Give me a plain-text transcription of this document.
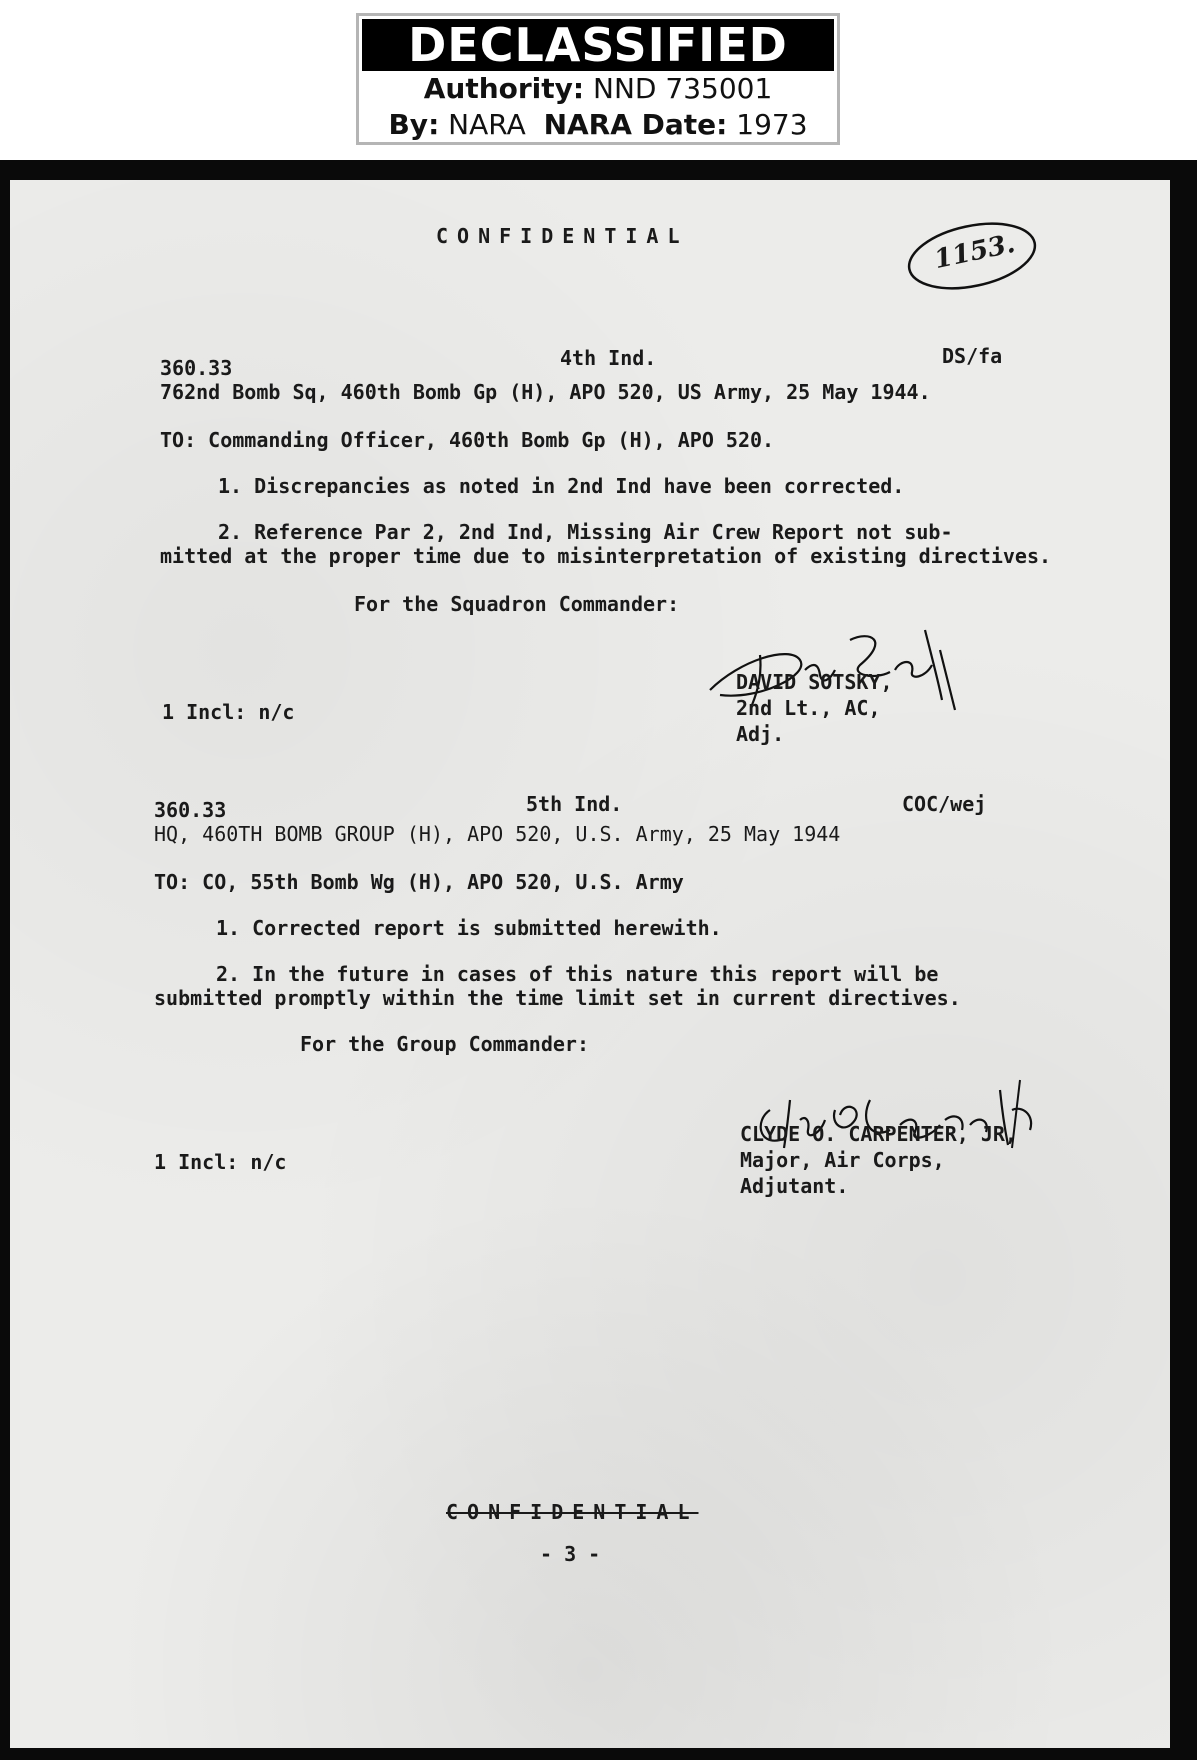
DECLASSIFIED
Authority: NND 735001
By: NARA NARA Date: 1973
CONFIDENTIAL	1153.
360.33	4th Ind.	DS/fa
762nd Bomb Sq, 460th Bomb Gp (H), APO 520, US Army, 25 May 1944.
TO: Commanding Officer, 460th Bomb Gp (H), APO 520.
1. Discrepancies as noted in 2nd Ind have been corrected.
2. Reference Par 2, 2nd Ind, Missing Air Crew Report not sub-
mitted at the proper time due to misinterpretation of existing directives.
For the Squadron Commander:
DAVID SOTSKY,
2nd Lt., AC,
Adj.
1 Incl: n/c
360.33	5th Ind.	COC/wej
HQ, 460TH BOMB GROUP (H), APO 520, U.S. Army, 25 May 1944
TO: CO, 55th Bomb Wg (H), APO 520, U.S. Army
1. Corrected report is submitted herewith.
2. In the future in cases of this nature this report will be
submitted promptly within the time limit set in current directives.
For the Group Commander:
CLYDE O. CARPENTER, JR,
Major, Air Corps,
Adjutant.
1 Incl: n/c
CONFIDENTIAL
- 3 -
